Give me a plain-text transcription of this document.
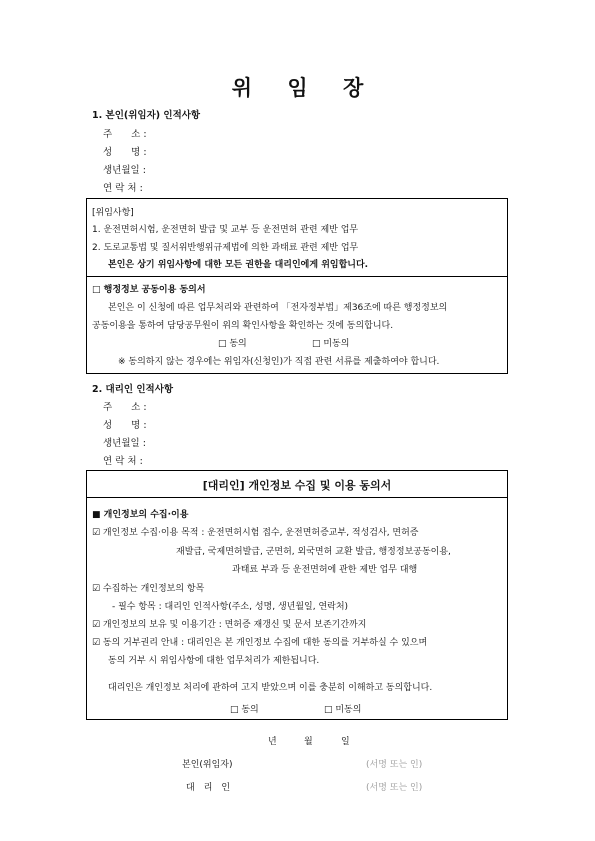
위 임 장
1. 본인(위임자) 인적사항
주　　소 :
성　　명 :
생년월일 :
연 락 처 :
[위임사항]
1. 운전면허시험, 운전면허 발급 및 교부 등 운전면허 관련 제반 업무
2. 도로교통법 및 질서위반행위규제법에 의한 과태료 관련 제반 업무
본인은 상기 위임사항에 대한 모든 권한을 대리인에게 위임합니다.
□ 행정정보 공동이용 동의서
본인은 이 신청에 따른 업무처리와 관련하여 「전자정부법」제36조에 따른 행정정보의
공동이용을 통하여 담당공무원이 위의 확인사항을 확인하는 것에 동의합니다.
□ 동의	□ 미동의
※ 동의하지 않는 경우에는 위임자(신청인)가 직접 관련 서류를 제출하여야 합니다.
2. 대리인 인적사항
주　　소 :
성　　명 :
생년월일 :
연 락 처 :
[대리인] 개인정보 수집 및 이용 동의서
■ 개인정보의 수집·이용
☑ 개인정보 수집·이용 목적 : 운전면허시험 접수, 운전면허증교부, 적성검사, 면허증
재발급, 국제면허발급, 군면허, 외국면허 교환 발급, 행정정보공동이용,
과태료 부과 등 운전면허에 관한 제반 업무 대행
☑ 수집하는 개인정보의 항목
- 필수 항목 : 대리인 인적사항(주소, 성명, 생년월일, 연락처)
☑ 개인정보의 보유 및 이용기간 : 면허증 재갱신 및 문서 보존기간까지
☑ 동의 거부권리 안내 : 대리인은 본 개인정보 수집에 대한 동의를 거부하실 수 있으며
동의 거부 시 위임사항에 대한 업무처리가 제한됩니다.
대리인은 개인정보 처리에 관하여 고지 받았으며 이를 충분히 이해하고 동의합니다.
□ 동의	□ 미동의
년	월	일
본인(위임자)	(서명 또는 인)
대　리　인	(서명 또는 인)
